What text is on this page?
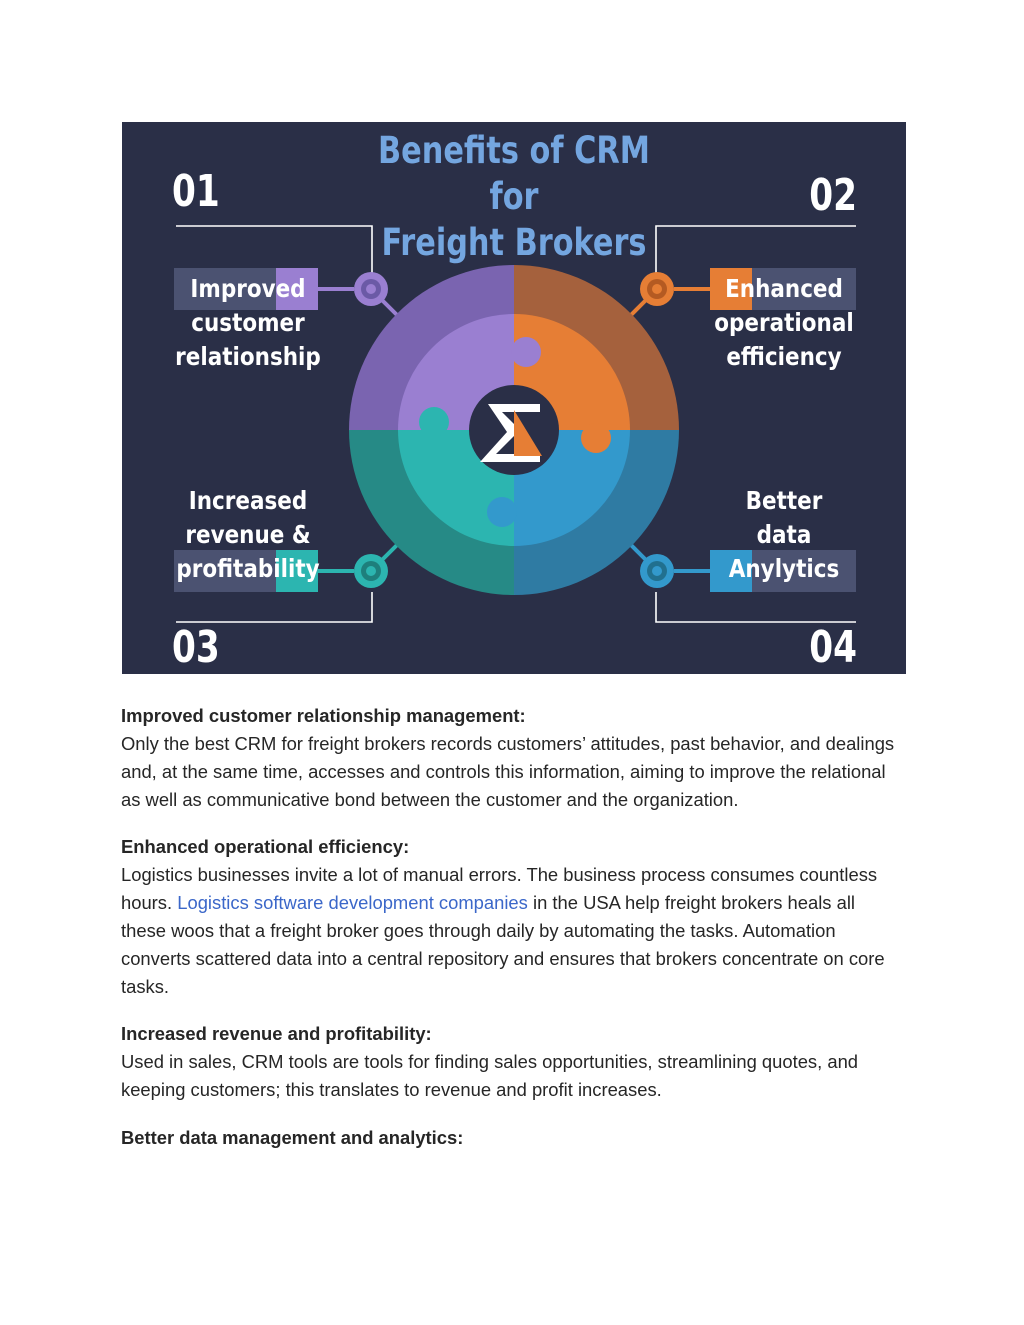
Benefits of CRM for
Freight Brokers
01	02
03	04
Improved
customer
relationship
Enhanced
operational
efficiency
Increased
revenue &
profitability
Better
data
Anylytics
Improved customer relationship management:

Only the best CRM for freight brokers records customers’ attitudes, past behavior, and dealings and, at the same time, accesses and controls this information, aiming to improve the relational as well as communicative bond between the customer and the organization.

Enhanced operational efficiency:

Logistics businesses invite a lot of manual errors. The business process consumes countless hours. Logistics software development companies in the USA help freight brokers heals all these woos that a freight broker goes through daily by automating the tasks. Automation converts scattered data into a central repository and ensures that brokers concentrate on core tasks.

Increased revenue and profitability:

Used in sales, CRM tools are tools for finding sales opportunities, streamlining quotes, and keeping customers; this translates to revenue and profit increases.

Better data management and analytics:
